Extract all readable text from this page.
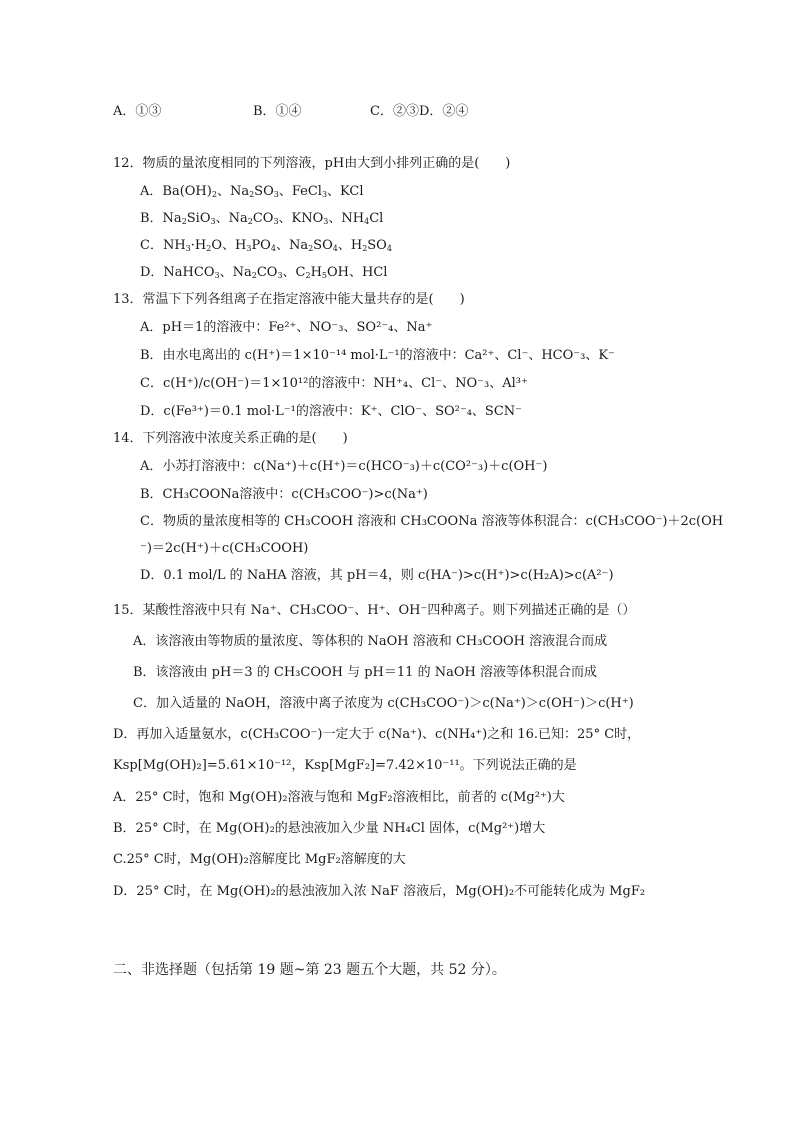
A．①③	B．①④	C．②③D．②④
12．物质的量浓度相同的下列溶液，pH由大到小排列正确的是(　　)
A．$Ba(OH)_2$、$Na_2SO_3$、FeCl$_3$、KCl
B．$Na_2SiO_3$、$Na_2CO_3$、$KNO_3$、$NH_4Cl$
C．$NH_3\cdot H_2O$、$H_3PO_4$、$Na_2SO_4$、$H_2SO_4$
D．NaHCO$_3$、$Na_2CO_3$、$C_2H_5OH$、HCl
13．常温下下列各组离子在指定溶液中能大量共存的是(　　)
A．pH＝1的溶液中：Fe²⁺、NO⁻₃、SO²⁻₄、Na⁺
B．由水电离出的 c(H⁺)＝1×10⁻¹⁴ mol·L⁻¹的溶液中：Ca²⁺、Cl⁻、HCO⁻₃、K⁻
C．c(H⁺)/c(OH⁻)＝1×10¹²的溶液中：NH⁺₄、Cl⁻、NO⁻₃、Al³⁺
D．c(Fe³⁺)＝0.1 mol·L⁻¹的溶液中：K⁺、ClO⁻、SO²⁻₄、SCN⁻
14．下列溶液中浓度关系正确的是(　　)
A．小苏打溶液中：c(Na⁺)＋c(H⁺)＝c(HCO⁻₃)＋c(CO²⁻₃)＋c(OH⁻)
B．CH₃COONa溶液中：c(CH₃COO⁻)>c(Na⁺)
C．物质的量浓度相等的 CH₃COOH 溶液和 CH₃COONa 溶液等体积混合：c(CH₃COO⁻)＋2c(OH
⁻)＝2c(H⁺)＋c(CH₃COOH)
D．0.1 mol/L 的 NaHA 溶液，其 pH＝4，则 c(HA⁻)>c(H⁺)>c(H₂A)>c(A²⁻)
15．某酸性溶液中只有 Na⁺、CH₃COO⁻、H⁺、OH⁻四种离子。则下列描述正确的是（）
A．该溶液由等物质的量浓度、等体积的 NaOH 溶液和 CH₃COOH 溶液混合而成
B．该溶液由 pH＝3 的 CH₃COOH 与 pH＝11 的 NaOH 溶液等体积混合而成
C．加入适量的 NaOH，溶液中离子浓度为 c(CH₃COO⁻)＞c(Na⁺)＞c(OH⁻)＞c(H⁺)
D．再加入适量氨水，c(CH₃COO⁻)一定大于 c(Na⁺)、c(NH₄⁺)之和 16.已知：25° C时，
Ksp[Mg(OH)₂]=5.61×10⁻¹²，Ksp[MgF₂]=7.42×10⁻¹¹。下列说法正确的是
A．25° C时，饱和 Mg(OH)₂溶液与饱和 MgF₂溶液相比，前者的 c(Mg²⁺)大
B．25° C时，在 Mg(OH)₂的悬浊液加入少量 NH₄Cl 固体，c(Mg²⁺)增大
C.25° C时，Mg(OH)₂溶解度比 MgF₂溶解度的大
D．25° C时，在 Mg(OH)₂的悬浊液加入浓 NaF 溶液后，Mg(OH)₂不可能转化成为 MgF₂
二、非选择题（包括第 19 题~第 23 题五个大题，共 52 分）。
